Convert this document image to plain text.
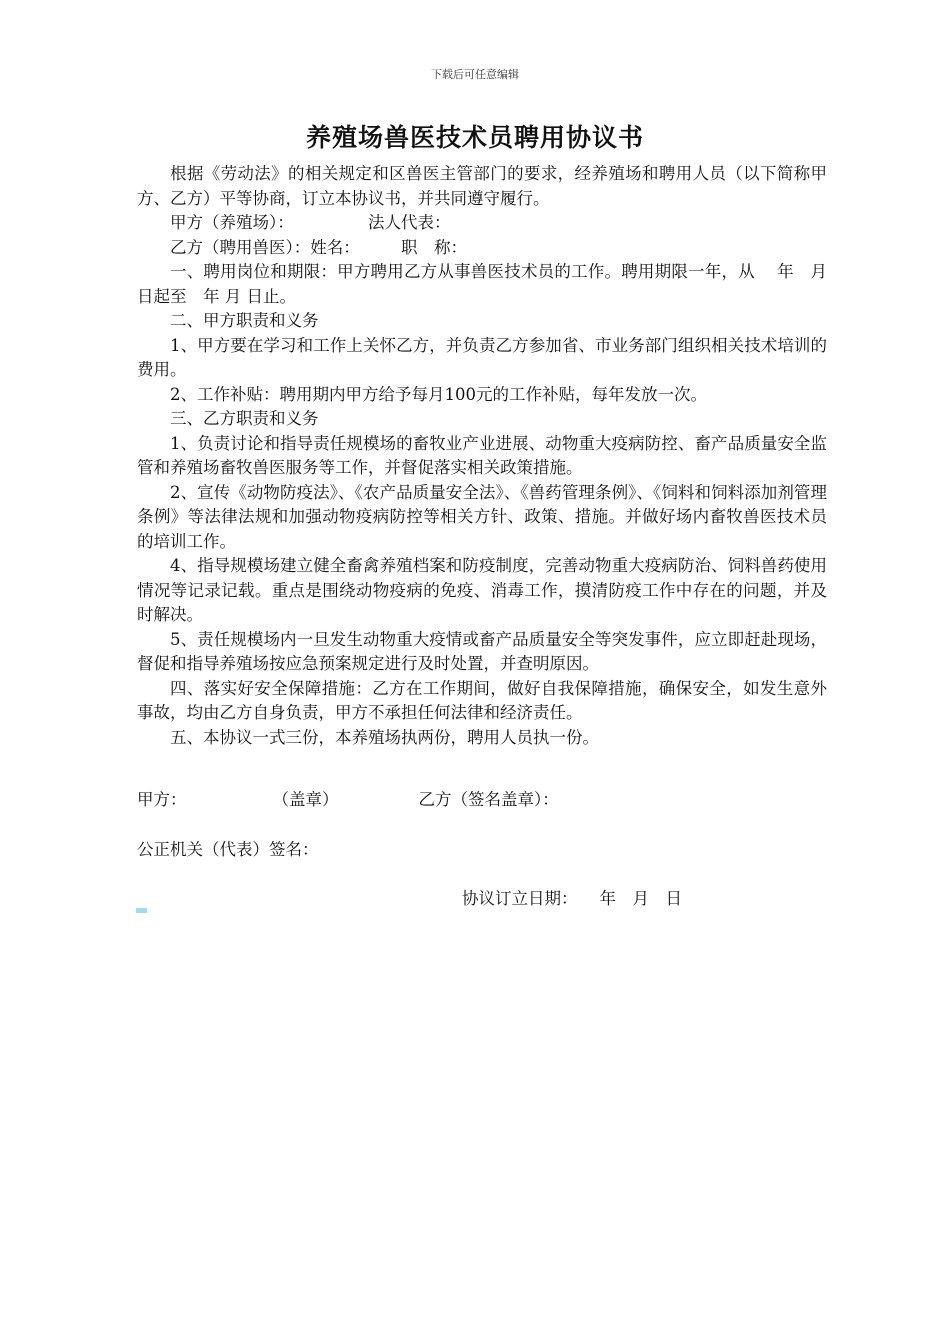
下载后可任意编辑
养殖场兽医技术员聘用协议书

根据《劳动法》的相关规定和区兽医主管部门的要求，经养殖场和聘用人员（以下简称甲方、乙方）平等协商，订立本协议书，并共同遵守履行。

甲方（养殖场）：　　　　　法人代表：

乙方（聘用兽医）：姓名：　　　职　称：

一、聘用岗位和期限：甲方聘用乙方从事兽医技术员的工作。聘用期限一年，从　 年　月　日起至　年 月 日止。

二、甲方职责和义务

1、甲方要在学习和工作上关怀乙方，并负责乙方参加省、市业务部门组织相关技术培训的费用。

2、工作补贴：聘用期内甲方给予每月100元的工作补贴，每年发放一次。

三、乙方职责和义务

1、负责讨论和指导责任规模场的畜牧业产业进展、动物重大疫病防控、畜产品质量安全监管和养殖场畜牧兽医服务等工作，并督促落实相关政策措施。

2、宣传《动物防疫法》、《农产品质量安全法》、《兽药管理条例》、《饲料和饲料添加剂管理条例》等法律法规和加强动物疫病防控等相关方针、政策、措施。并做好场内畜牧兽医技术员的培训工作。

4、指导规模场建立健全畜禽养殖档案和防疫制度，完善动物重大疫病防治、饲料兽药使用情况等记录记载。重点是围绕动物疫病的免疫、消毒工作，摸清防疫工作中存在的问题，并及时解决。

5、责任规模场内一旦发生动物重大疫情或畜产品质量安全等突发事件，应立即赶赴现场，督促和指导养殖场按应急预案规定进行及时处置，并查明原因。

四、落实好安全保障措施：乙方在工作期间，做好自我保障措施，确保安全，如发生意外事故，均由乙方自身负责，甲方不承担任何法律和经济责任。

五、本协议一式三份，本养殖场执两份，聘用人员执一份。

甲方：	（盖章）	乙方（签名盖章）：
公正机关（代表）签名：
协议订立日期： 年　月　日
